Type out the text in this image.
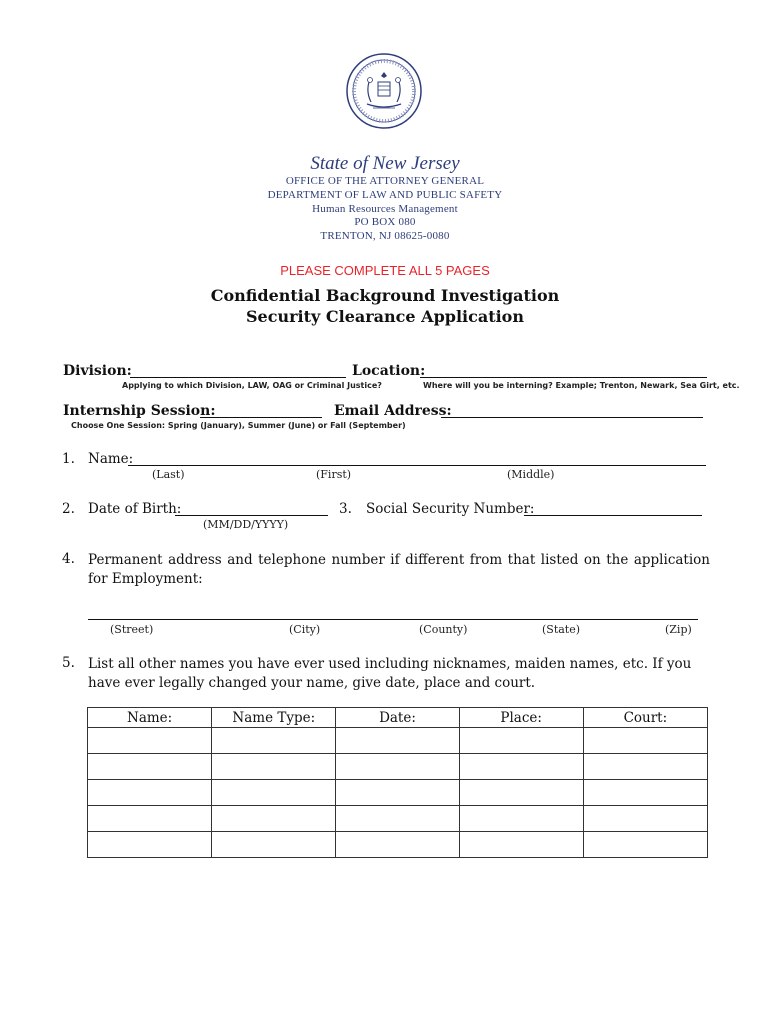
State of New Jersey
OFFICE OF THE ATTORNEY GENERAL
DEPARTMENT OF LAW AND PUBLIC SAFETY
Human Resources Management
PO BOX 080
TRENTON, NJ 08625-0080
PLEASE COMPLETE ALL 5 PAGES
Confidential Background Investigation
Security Clearance Application
Division:	Location:
Applying to which Division, LAW, OAG or Criminal Justice?	Where will you be interning? Example; Trenton, Newark, Sea Girt, etc.
Internship Session:	Email Address:
Choose One Session: Spring (January), Summer (June) or Fall (September)
1. Name:
(Last)	(First)	(Middle)
2. Date of Birth:
(MM/DD/YYYY)
3. Social Security Number:
4. Permanent address and telephone number if different from that listed on the application for Employment:
(Street)	(City)	(County)	(State)	(Zip)
5. List all other names you have ever used including nicknames, maiden names, etc. If you have ever legally changed your name, give date, place and court.
Name:	Name Type:	Date:	Place:	Court:
